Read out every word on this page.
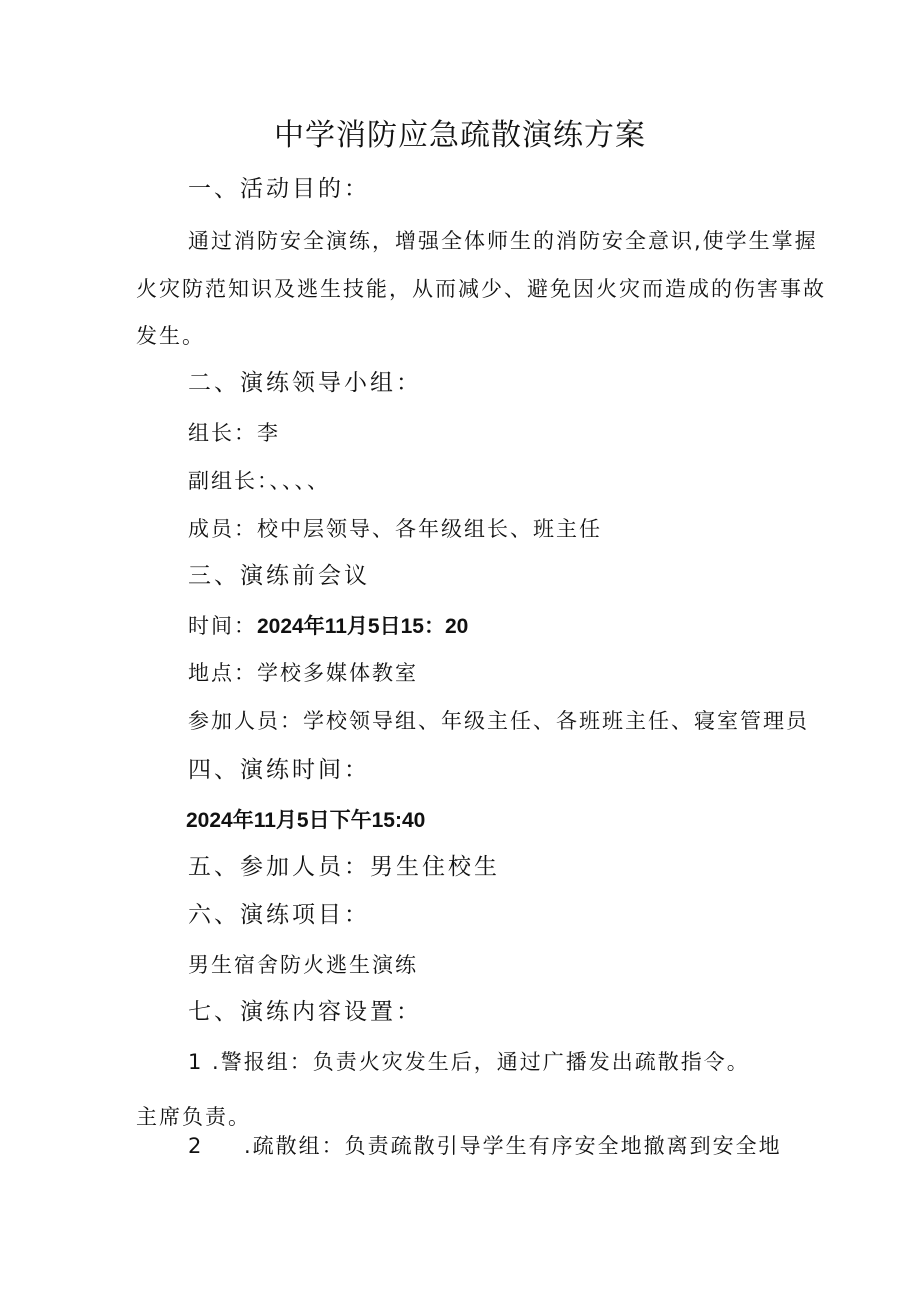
中学消防应急疏散演练方案
一、活动目的：
通过消防安全演练，增强全体师生的消防安全意识,使学生掌握
火灾防范知识及逃生技能，从而减少、避免因火灾而造成的伤害事故
发生。
二、演练领导小组：
组长：李
副组长：、、、、
成员：校中层领导、各年级组长、班主任
三、演练前会议
时间：2024年11月5日15：20
地点：学校多媒体教室
参加人员：学校领导组、年级主任、各班班主任、寝室管理员
四、演练时间：
2024年11月5日下午15:40
五、参加人员：男生住校生
六、演练项目：
男生宿舍防火逃生演练
七、演练内容设置：
1 .警报组：负责火灾发生后，通过广播发出疏散指令。
主席负责。
2 .疏散组：负责疏散引导学生有序安全地撤离到安全地
